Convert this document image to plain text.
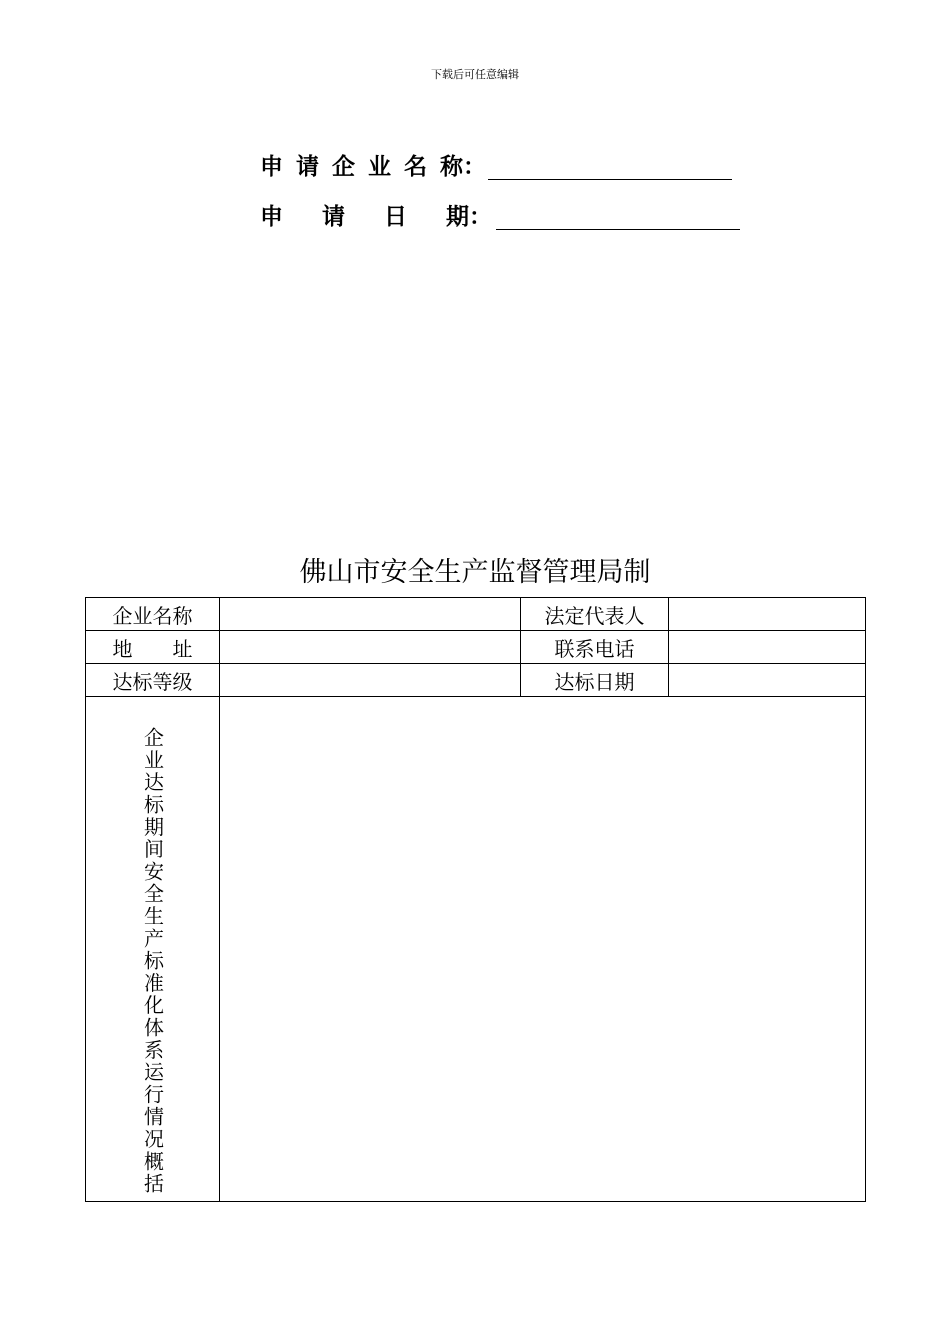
下载后可任意编辑
申 请 企 业 名 称 ：
申 请 日 期 ：
佛山市安全生产监督管理局制
企业名称		法定代表人	
地　　址		联系电话	
达标等级		达标日期	

企业达标期间安全生产标准化体系运行情况概括			
